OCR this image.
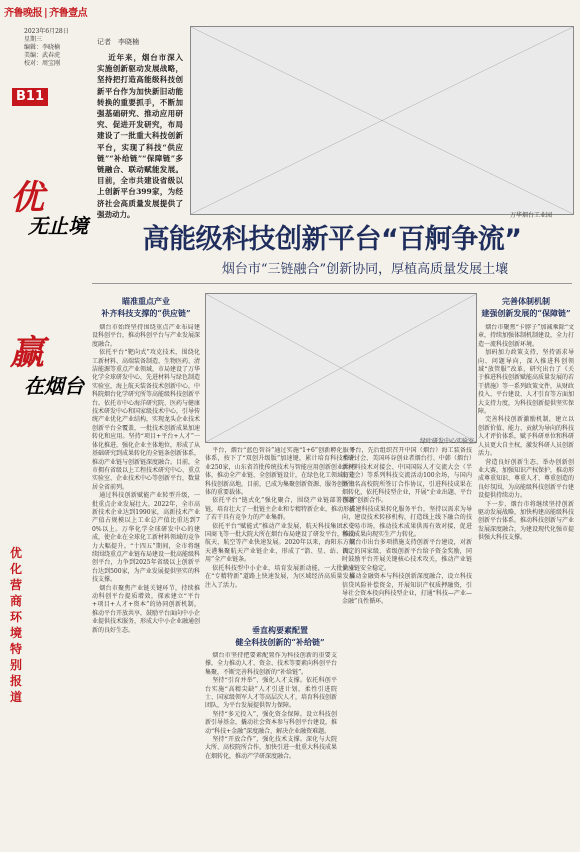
齐鲁晚报 | 齐鲁壹点
2023年6月28日
星期三
编辑：李晓楠
美编：武春虎
校对：周宝刚
B11
优
无止境
赢
在烟台
优化营商环境特别报道
记者　李晓楠
近年来，烟台市深入实施创新驱动发展战略，坚持把打造高能级科技创新平台作为加快新旧动能转换的重要抓手，不断加强基础研究、推动应用研究、促进开发研究，布局建设了一批重大科技创新平台，实现了科技“供应链”“补给链”“保障链”多链融合、联动赋能发展。目前，全市共建设省级以上创新平台399家，为经济社会高质量发展提供了强劲动力。	万华烟台工业园
高能级科技创新平台“百舸争流”
烟台市“三链融合”创新协同，厚植高质量发展土壤
瞄准重点产业
补齐科技支撑的“供应链”
垂直构要素配置
健全科技创新的“补给链”
完善体制机制
建强创新发展的“保障链”
绿叶研发中心实验室。

烟台市始终坚持围绕重点产业布局建设科创平台，推动科创平台与产业发展深度融合。

依托平台“靶向式”攻克技术，围绕化工新材料、高端装备制造、生物医药、清洁能源等重点产业领域，市局建设了万华化学全球研发中心，先进材料与绿色制造实验室，海上航天装备技术创新中心，中科院烟台化学研究所等高能级科技创新平台。依托市中心海洋研究院、医药与健康技术研发中心和国家级技术中心，引导传统产业优化产业结构，实现龙头企业技术创新平台全覆盖，一批技术创新成果加速转化和应用。坚持“项目+平台+人才”一体化推进，强化企业主体地位，形成了从基础研究到成果转化的全链条创新体系，推动产业链与创新链深度融合。目前，全市拥有省级以上工程技术研究中心、重点实验室、企业技术中心等创新平台，数量居全省前列。

通过科技创新赋能产业转型升级，一批重点企业发展壮大。2022年，全市高新技术企业达到1990家，高新技术产业产值占规模以上工业总产值比重达到70%以上。万华化学全球研发中心的建成，使企业在全球化工新材料领域的竞争力大幅提升。“十四五”期间，全市将继续围绕重点产业链布局建设一批高能级科创平台，力争到2025年省级以上创新平台达到500家，为产业发展提供坚实的科技支撑。

烟台市聚焦产业链关键环节，持续推动科创平台提质增效，探索建立“平台+项目+人才+资本”的协同创新机制，推动平台开放共享，鼓励平台面向中小企业提供技术服务，形成大中小企业融通创新的良好生态。

平台，烟台“蓝色智谷”通过实施“1+6”创新孵化服务体系，按下了“双创升级版”加速键，累计培育科技型企业250家，山东省首批传统技术与智能应用创新创业共同体，推动全产业链、全创新链设计，在绿色化工领域打造科技创新高地，目前，已成为集聚创新资源、服务创新主体的重要载体。

依托平台“链式化”强化聚合，围绕产业链部署创新链，培育壮大了一批链主企业和专精特新企业，推动形成了若干具有竞争力的产业集群。

依托平台“赋能式”推动产业发展，航天科技集团、中国商飞等一批大院大所在烟台布局建设了研发平台，推动航天、航空等产业快速发展。2020年以来，海阳东方航天港集聚航天产业链企业，形成了“箭、星、站、测、用”全产业链条。

依托科技型中小企业，培育发展新动能，一大批企业在“专精特新”道路上快速发展，为区域经济高质量发展注入了活力。

烟台市坚持把要素配置作为科技创新的重要支撑，全力推动人才、资金、技术等要素向科创平台集聚，不断完善科技创新的“补给链”。

坚持“引育并举”，强化人才支撑。依托科创平台实施“高精尖缺”人才引进计划，柔性引进院士、国家级领军人才等高层次人才，培育科技创新团队，为平台发展提供智力保障。

坚持“多元投入”，强化资金保障。设立科技创新引导基金，撬动社会资本参与科创平台建设，推动“科技+金融”深度融合，解决企业融资难题。

坚持“开放合作”，强化技术支撑。深化与大院大所、高校院所合作，加快引进一批重大科技成果在烟转化，推动产学研深度融合。

平台，先后组织召开中国（烟台）海工装备技术研讨会、美国环谷创业者烟台行、中韩（烟台）新材料技术对接会、中国国际人才交流大会（半岛分会）等系列科技交流活动100余场，与国内外知名高校院所签订合作协议，引进科技成果在烟转化，依托科技型企业，开展“企业出题、平台答题”创新合作。

搭建科技成果转化服务平台，坚持以需求为导向，建设技术转移机构，打造线上线下融合的技术交易市场，推动技术成果供需有效对接，促进科技成果向现实生产力转化。

烟台市出台多项措施支持创新平台建设，对新认定的国家级、省级创新平台给予资金奖励，同时鼓励平台开展关键核心技术攻关，推动产业链供应链安全稳定。

推动金融资本与科技创新深度融合，设立科技信贷风险补偿资金，开展知识产权质押融资，引导社会资本投向科技型企业，打通“科技—产业—金融”良性循环。

烟台市聚焦“卡脖子”加减乘除“文章，持续加强体制机制建设，全力打造一流科技创新环境。

加码加力政策支持，坚持需求导向、问题导向，深入推进科创领域“放管服”改革，研究出台了《关于推进科技创新赋能高质量发展的若干措施》等一系列政策文件，从财政投入、平台建设、人才引育等方面加大支持力度，为科技创新提供坚实保障。

完善科技创新激励机制，建立以创新价值、能力、贡献为导向的科技人才评价体系，赋予科研单位和科研人员更大自主权，激发科研人员创新活力。

营造良好创新生态，举办创新创业大赛，加强知识产权保护，推动形成尊重知识、尊重人才、尊重创造的良好氛围，为高能级科技创新平台建设提供持续动力。

下一步，烟台市将继续坚持创新驱动发展战略，加快构建高能级科技创新平台体系，推动科技创新与产业发展深度融合，为建设现代化强市提供强大科技支撑。
